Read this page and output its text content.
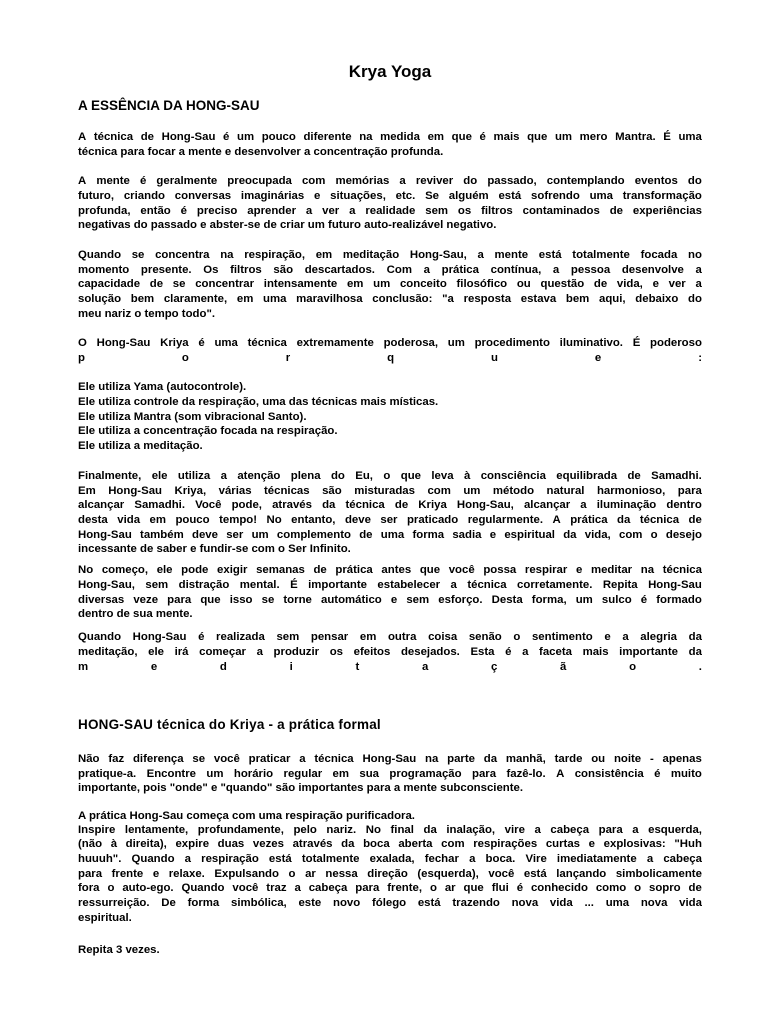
Krya Yoga
A ESSÊNCIA DA HONG-SAU
HONG-SAU técnica do Kriya - a prática formal
A técnica de Hong-Sau é um pouco diferente na medida em que é mais que um mero Mantra. É uma
técnica para focar a mente e desenvolver a concentração profunda.
A mente é geralmente preocupada com memórias a reviver do passado, contemplando eventos do
futuro, criando conversas imaginárias e situações, etc. Se alguém está sofrendo uma transformação
profunda, então é preciso aprender a ver a realidade sem os filtros contaminados de experiências
negativas do passado e abster-se de criar um futuro auto-realizável negativo.
Quando se concentra na respiração, em meditação Hong-Sau, a mente está totalmente focada no
momento presente. Os filtros são descartados. Com a prática contínua, a pessoa desenvolve a
capacidade de se concentrar intensamente em um conceito filosófico ou questão de vida, e ver a
solução bem claramente, em uma maravilhosa conclusão: "a resposta estava bem aqui, debaixo do
meu nariz o tempo todo".
O Hong-Sau Kriya é uma técnica extremamente poderosa, um procedimento iluminativo. É poderoso
p	o	r	q	u	e	:
Ele utiliza Yama (autocontrole).
Ele utiliza controle da respiração, uma das técnicas mais místicas.
Ele utiliza Mantra (som vibracional Santo).
Ele utiliza a concentração focada na respiração.
Ele utiliza a meditação.
Finalmente, ele utiliza a atenção plena do Eu, o que leva à consciência equilibrada de Samadhi.
Em Hong-Sau Kriya, várias técnicas são misturadas com um método natural harmonioso, para
alcançar Samadhi. Você pode, através da técnica de Kriya Hong-Sau, alcançar a iluminação dentro
desta vida em pouco tempo! No entanto, deve ser praticado regularmente. A prática da técnica de
Hong-Sau também deve ser um complemento de uma forma sadia e espiritual da vida, com o desejo
incessante de saber e fundir-se com o Ser Infinito.
No começo, ele pode exigir semanas de prática antes que você possa respirar e meditar na técnica
Hong-Sau, sem distração mental. É importante estabelecer a técnica corretamente. Repita Hong-Sau
diversas veze para que isso se torne automático e sem esforço. Desta forma, um sulco é formado
dentro de sua mente.
Quando Hong-Sau é realizada sem pensar em outra coisa senão o sentimento e a alegria da
meditação, ele irá começar a produzir os efeitos desejados. Esta é a faceta mais importante da
m	e	d	i	t	a	ç	ã	o	.
Não faz diferença se você praticar a técnica Hong-Sau na parte da manhã, tarde ou noite - apenas
pratique-a. Encontre um horário regular em sua programação para fazê-lo. A consistência é muito
importante, pois "onde" e "quando" são importantes para a mente subconsciente.
A prática Hong-Sau começa com uma respiração purificadora.
Inspire lentamente, profundamente, pelo nariz. No final da inalação, vire a cabeça para a esquerda,
(não à direita), expire duas vezes através da boca aberta com respirações curtas e explosivas: "Huh
huuuh". Quando a respiração está totalmente exalada, fechar a boca. Vire imediatamente a cabeça
para frente e relaxe. Expulsando o ar nessa direção (esquerda), você está lançando simbolicamente
fora o auto-ego. Quando você traz a cabeça para frente, o ar que flui é conhecido como o sopro de
ressurreição. De forma simbólica, este novo fólego está trazendo nova vida ... uma nova vida
espiritual.
Repita 3 vezes.
